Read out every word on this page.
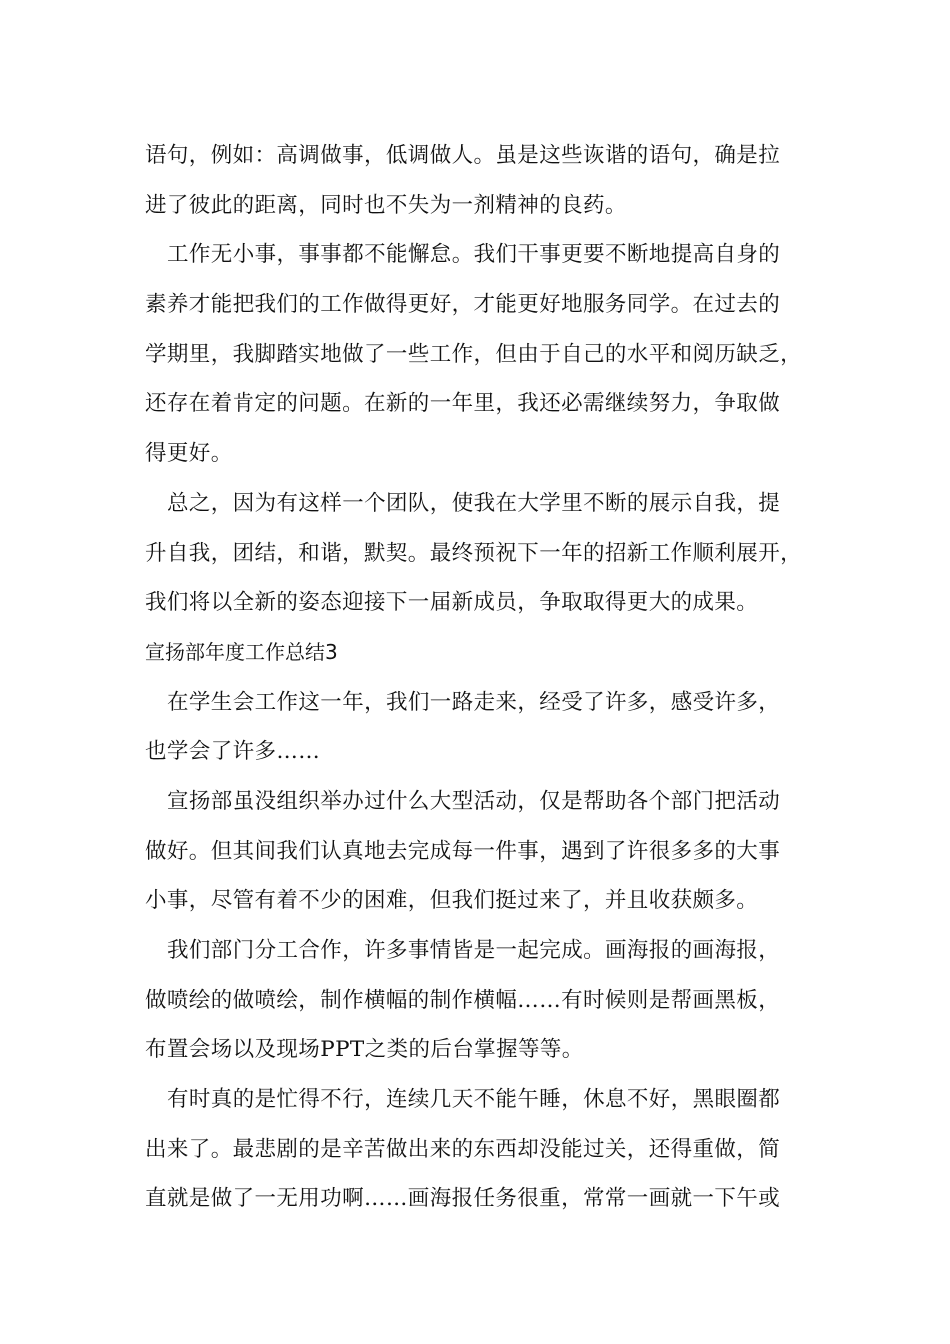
语句，例如：高调做事，低调做人。虽是这些诙谐的语句，确是拉
进了彼此的距离，同时也不失为一剂精神的良药。
工作无小事，事事都不能懈怠。我们干事更要不断地提高自身的
素养才能把我们的工作做得更好，才能更好地服务同学。在过去的
学期里，我脚踏实地做了一些工作，但由于自己的水平和阅历缺乏，
还存在着肯定的问题。在新的一年里，我还必需继续努力，争取做
得更好。
总之，因为有这样一个团队，使我在大学里不断的展示自我，提
升自我，团结，和谐，默契。最终预祝下一年的招新工作顺利展开，
我们将以全新的姿态迎接下一届新成员，争取取得更大的成果。
宣扬部年度工作总结3
在学生会工作这一年，我们一路走来，经受了许多，感受许多，
也学会了许多……
宣扬部虽没组织举办过什么大型活动，仅是帮助各个部门把活动
做好。但其间我们认真地去完成每一件事，遇到了许很多多的大事
小事，尽管有着不少的困难，但我们挺过来了，并且收获颇多。
我们部门分工合作，许多事情皆是一起完成。画海报的画海报，
做喷绘的做喷绘，制作横幅的制作横幅……有时候则是帮画黑板，
布置会场以及现场PPT之类的后台掌握等等。
有时真的是忙得不行，连续几天不能午睡，休息不好，黑眼圈都
出来了。最悲剧的是辛苦做出来的东西却没能过关，还得重做，简
直就是做了一无用功啊……画海报任务很重，常常一画就一下午或
